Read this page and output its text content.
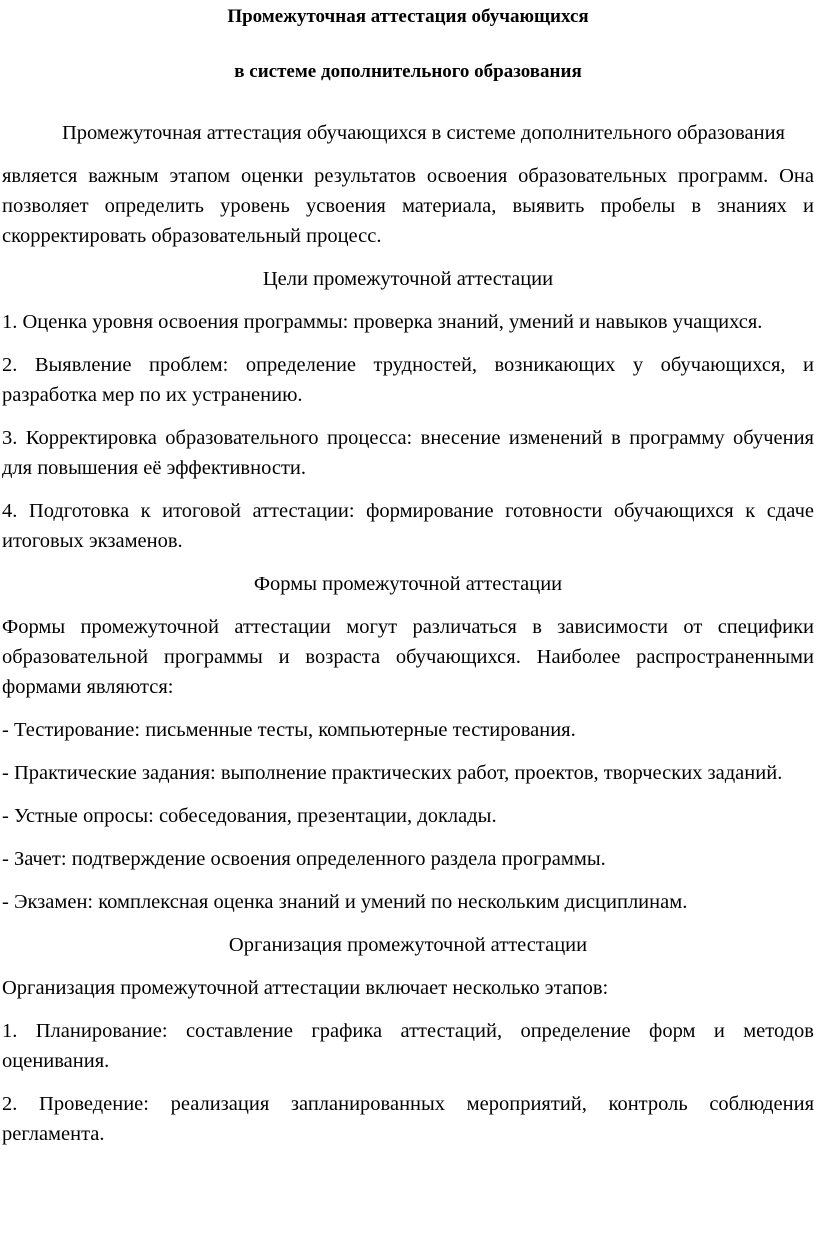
Промежуточная аттестация обучающихся

в системе дополнительного образования

Промежуточная аттестация обучающихся в системе дополнительного образования

является важным этапом оценки результатов освоения образовательных программ. Она позволяет определить уровень усвоения материала, выявить пробелы в знаниях и скорректировать образовательный процесс.

Цели промежуточной аттестации

1. Оценка уровня освоения программы: проверка знаний, умений и навыков учащихся.

2. Выявление проблем: определение трудностей, возникающих у обучающихся, и разработка мер по их устранению.

3. Корректировка образовательного процесса: внесение изменений в программу обучения для повышения её эффективности.

4. Подготовка к итоговой аттестации: формирование готовности обучающихся к сдаче итоговых экзаменов.

Формы промежуточной аттестации

Формы промежуточной аттестации могут различаться в зависимости от специфики образовательной программы и возраста обучающихся. Наиболее распространенными формами являются:

- Тестирование: письменные тесты, компьютерные тестирования.

- Практические задания: выполнение практических работ, проектов, творческих заданий.

- Устные опросы: собеседования, презентации, доклады.

- Зачет: подтверждение освоения определенного раздела программы.

- Экзамен: комплексная оценка знаний и умений по нескольким дисциплинам.

Организация промежуточной аттестации

Организация промежуточной аттестации включает несколько этапов:

1. Планирование: составление графика аттестаций, определение форм и методов оценивания.

2. Проведение: реализация запланированных мероприятий, контроль соблюдения регламента.
